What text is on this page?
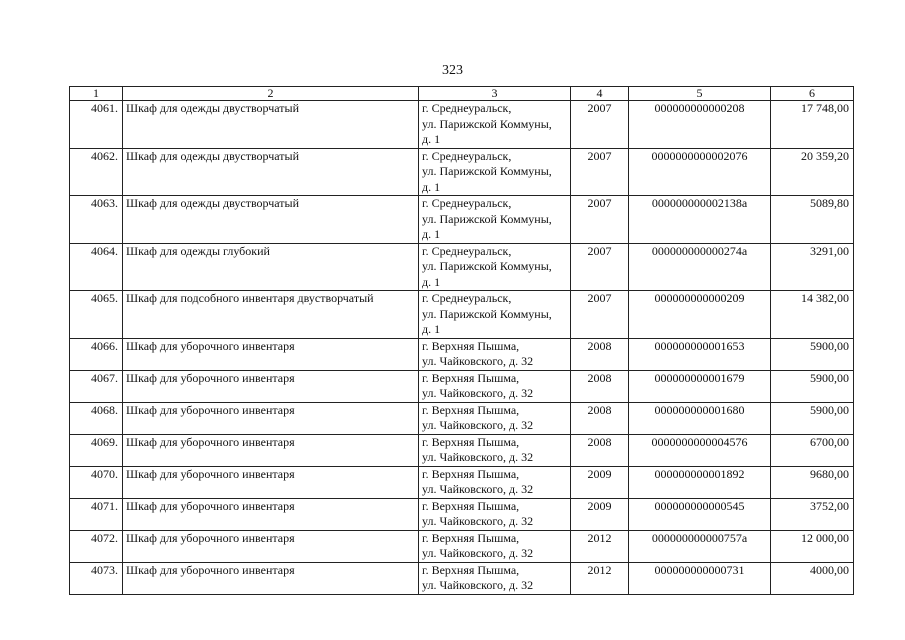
323
1	2	3	4	5	6
4061.	Шкаф для одежды двустворчатый	г. Среднеуральск,
ул. Парижской Коммуны,
д. 1	2007	000000000000208	17 748,00
4062.	Шкаф для одежды двустворчатый	г. Среднеуральск,
ул. Парижской Коммуны,
д. 1	2007	0000000000002076	20 359,20
4063.	Шкаф для одежды двустворчатый	г. Среднеуральск,
ул. Парижской Коммуны,
д. 1	2007	000000000002138а	5089,80
4064.	Шкаф для одежды глубокий	г. Среднеуральск,
ул. Парижской Коммуны,
д. 1	2007	000000000000274а	3291,00
4065.	Шкаф для подсобного инвентаря двустворчатый	г. Среднеуральск,
ул. Парижской Коммуны,
д. 1	2007	000000000000209	14 382,00
4066.	Шкаф для уборочного инвентаря	г. Верхняя Пышма,
ул. Чайковского, д. 32	2008	000000000001653	5900,00
4067.	Шкаф для уборочного инвентаря	г. Верхняя Пышма,
ул. Чайковского, д. 32	2008	000000000001679	5900,00
4068.	Шкаф для уборочного инвентаря	г. Верхняя Пышма,
ул. Чайковского, д. 32	2008	000000000001680	5900,00
4069.	Шкаф для уборочного инвентаря	г. Верхняя Пышма,
ул. Чайковского, д. 32	2008	0000000000004576	6700,00
4070.	Шкаф для уборочного инвентаря	г. Верхняя Пышма,
ул. Чайковского, д. 32	2009	000000000001892	9680,00
4071.	Шкаф для уборочного инвентаря	г. Верхняя Пышма,
ул. Чайковского, д. 32	2009	000000000000545	3752,00
4072.	Шкаф для уборочного инвентаря	г. Верхняя Пышма,
ул. Чайковского, д. 32	2012	000000000000757а	12 000,00
4073.	Шкаф для уборочного инвентаря	г. Верхняя Пышма,
ул. Чайковского, д. 32	2012	000000000000731	4000,00
